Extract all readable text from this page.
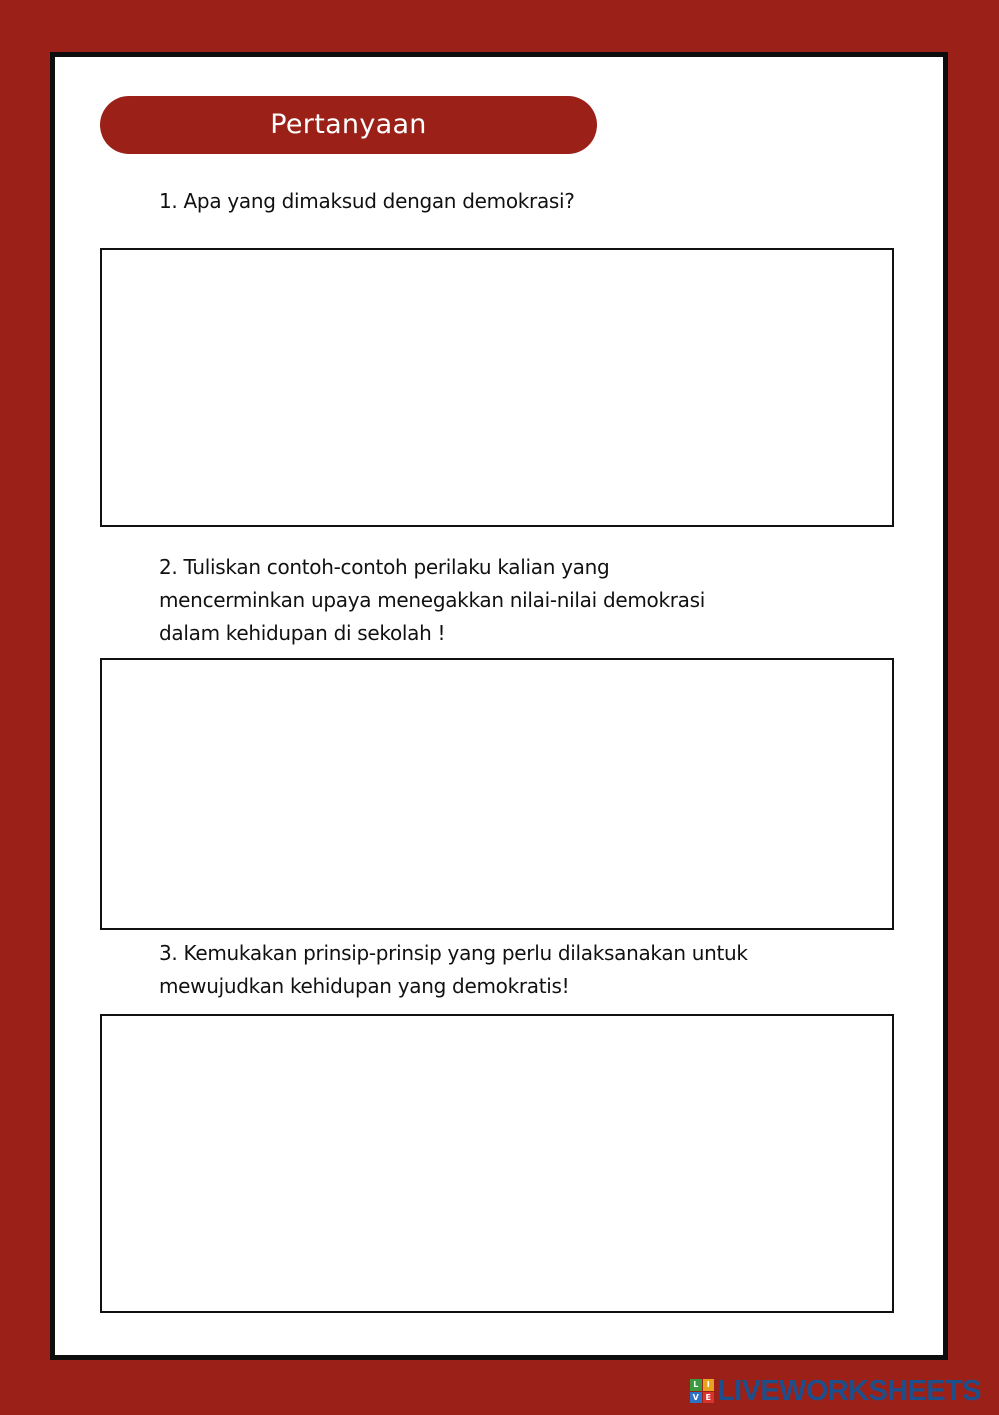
Pertanyaan

1. Apa yang dimaksud dengan demokrasi?

2. Tuliskan contoh-contoh perilaku kalian yang
mencerminkan upaya menegakkan nilai-nilai demokrasi
dalam kehidupan di sekolah !

3. Kemukakan prinsip-prinsip yang perlu dilaksanakan untuk
mewujudkan kehidupan yang demokratis!

L	I
V E LIVEWORKSHEETS
